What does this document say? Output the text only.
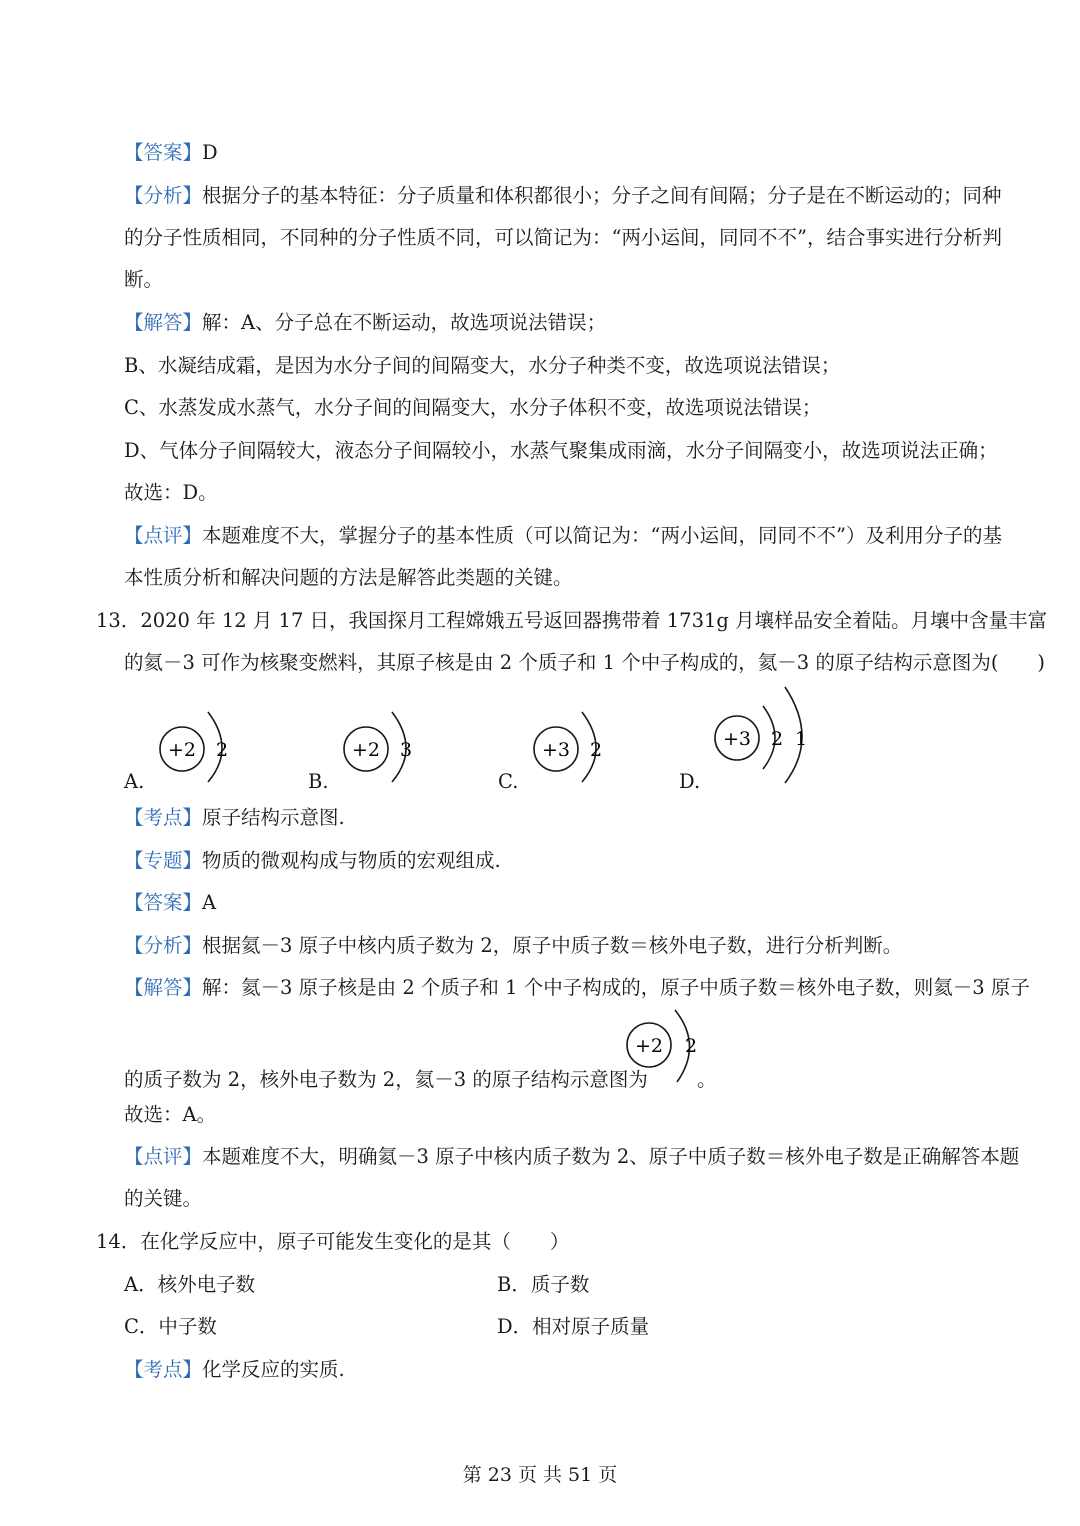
【答案】D
【分析】根据分子的基本特征：分子质量和体积都很小；分子之间有间隔；分子是在不断运动的；同种
的分子性质相同，不同种的分子性质不同，可以简记为：“两小运间，同同不不”，结合事实进行分析判
断。
【解答】解：A、分子总在不断运动，故选项说法错误；
B、水凝结成霜，是因为水分子间的间隔变大，水分子种类不变，故选项说法错误；
C、水蒸发成水蒸气，水分子间的间隔变大，水分子体积不变，故选项说法错误；
D、气体分子间隔较大，液态分子间隔较小，水蒸气聚集成雨滴，水分子间隔变小，故选项说法正确；
故选：D。
【点评】本题难度不大，掌握分子的基本性质（可以简记为：“两小运间，同同不不”）及利用分子的基
本性质分析和解决问题的方法是解答此类题的关键。
13．2020 年 12 月 17 日，我国探月工程嫦娥五号返回器携带着 1731g 月壤样品安全着陆。月壤中含量丰富
的氦－3 可作为核聚变燃料，其原子核是由 2 个质子和 1 个中子构成的，氦－3 的原子结构示意图为(　　)
A.
+2 2
B.
+2 3
C.
+3 2
D.
+3 2 1
【考点】原子结构示意图.
【专题】物质的微观构成与物质的宏观组成.
【答案】A
【分析】根据氦－3 原子中核内质子数为 2，原子中质子数＝核外电子数，进行分析判断。
【解答】解：氦－3 原子核是由 2 个质子和 1 个中子构成的，原子中质子数＝核外电子数，则氦－3 原子
的质子数为 2，核外电子数为 2，氦－3 的原子结构示意图为
+2 2
。
故选：A。
【点评】本题难度不大，明确氦－3 原子中核内质子数为 2、原子中质子数＝核外电子数是正确解答本题
的关键。
14．在化学反应中，原子可能发生变化的是其（　　）
A．核外电子数	B．质子数
C．中子数	D．相对原子质量
【考点】化学反应的实质.
第 23 页 共 51 页
